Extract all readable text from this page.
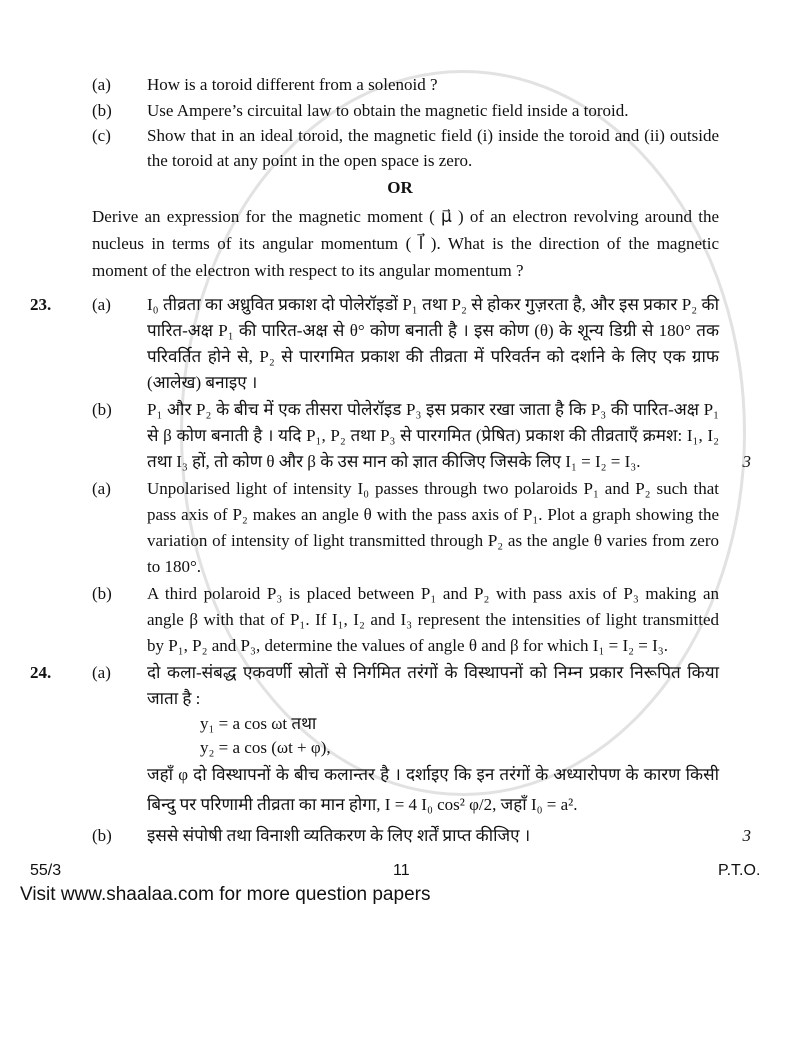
(a)	How is a toroid different from a solenoid ?
(b)	Use Ampere’s circuital law to obtain the magnetic field inside a toroid.
(c)	Show that in an ideal toroid, the magnetic field (i) inside the toroid and (ii) outside the toroid at any point in the open space is zero.
OR
Derive an expression for the magnetic moment ( μ⃗ ) of an electron revolving around the nucleus in terms of its angular momentum ( l⃗ ). What is the direction of the magnetic moment of the electron with respect to its angular momentum ?
23.	(a)	I₀ तीव्रता का अध्रुवित प्रकाश दो पोलेरॉइडों P₁ तथा P₂ से होकर गुज़रता है, और इस प्रकार P₂ की पारित-अक्ष P₁ की पारित-अक्ष से θ° कोण बनाती है । इस कोण (θ) के शून्य डिग्री से 180° तक परिवर्तित होने से, P₂ से पारगमित प्रकाश की तीव्रता में परिवर्तन को दर्शाने के लिए एक ग्राफ (आलेख) बनाइए ।
(b)	P₁ और P₂ के बीच में एक तीसरा पोलेरॉइड P₃ इस प्रकार रखा जाता है कि P₃ की पारित-अक्ष P₁ से β कोण बनाती है । यदि P₁, P₂ तथा P₃ से पारगमित (प्रेषित) प्रकाश की तीव्रताएँ क्रमश: I₁, I₂ तथा I₃ हों, तो कोण θ और β के उस मान को ज्ञात कीजिए जिसके लिए I₁ = I₂ = I₃.	3
(a)	Unpolarised light of intensity I₀ passes through two polaroids P₁ and P₂ such that pass axis of P₂ makes an angle θ with the pass axis of P₁. Plot a graph showing the variation of intensity of light transmitted through P₂ as the angle θ varies from zero to 180°.
(b)	A third polaroid P₃ is placed between P₁ and P₂ with pass axis of P₃ making an angle β with that of P₁. If I₁, I₂ and I₃ represent the intensities of light transmitted by P₁, P₂ and P₃, determine the values of angle θ and β for which I₁ = I₂ = I₃.
24.	(a)	दो कला-संबद्ध एकवर्णी स्रोतों से निर्गमित तरंगों के विस्थापनों को निम्न प्रकार निरूपित किया जाता है :
y₁ = a cos ωt तथा
y₂ = a cos (ωt + φ),
जहाँ φ दो विस्थापनों के बीच कलान्तर है । दर्शाइए कि इन तरंगों के अध्यारोपण के कारण किसी बिन्दु पर परिणामी तीव्रता का मान होगा, I = 4 I₀ cos² φ/2, जहाँ I₀ = a².
(b)	इससे संपोषी तथा विनाशी व्यतिकरण के लिए शर्तें प्राप्त कीजिए ।	3
55/3	11	P.T.O.
Visit www.shaalaa.com for more question papers
